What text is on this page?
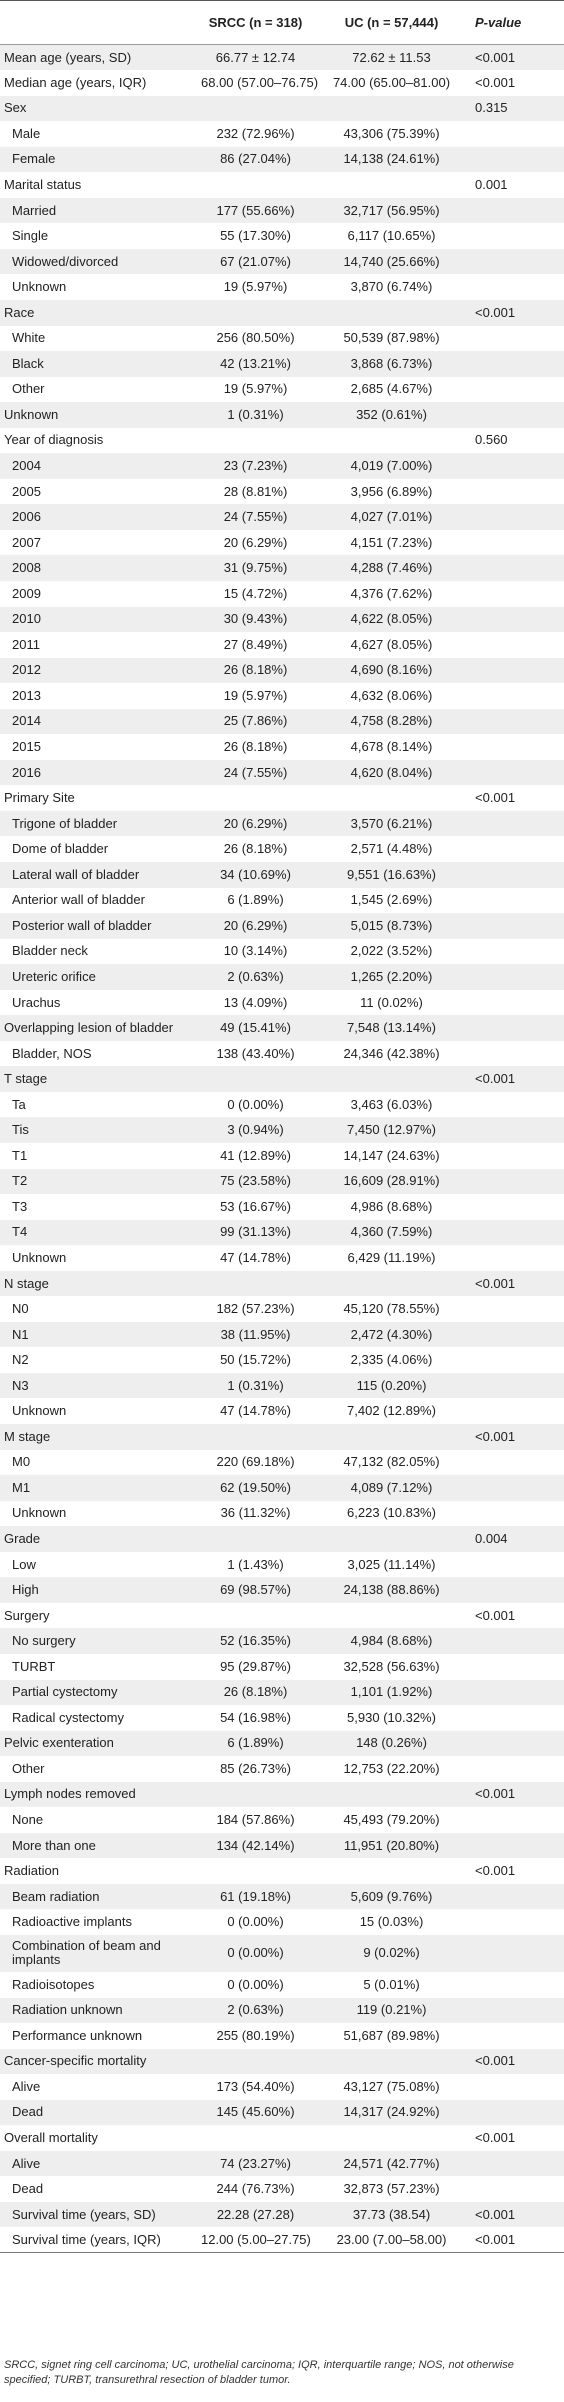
	SRCC (n = 318)	UC (n = 57,444)	P-value
Mean age (years, SD)	66.77 ± 12.74	72.62 ± 11.53	<0.001
Median age (years, IQR)	68.00 (57.00–76.75)	74.00 (65.00–81.00)	<0.001
Sex			0.315
Male	232 (72.96%)	43,306 (75.39%)	
Female	86 (27.04%)	14,138 (24.61%)	
Marital status			0.001
Married	177 (55.66%)	32,717 (56.95%)	
Single	55 (17.30%)	6,117 (10.65%)	
Widowed/divorced	67 (21.07%)	14,740 (25.66%)	
Unknown	19 (5.97%)	3,870 (6.74%)	
Race			<0.001
White	256 (80.50%)	50,539 (87.98%)	
Black	42 (13.21%)	3,868 (6.73%)	
Other	19 (5.97%)	2,685 (4.67%)	
Unknown	1 (0.31%)	352 (0.61%)	
Year of diagnosis			0.560
2004	23 (7.23%)	4,019 (7.00%)	
2005	28 (8.81%)	3,956 (6.89%)	
2006	24 (7.55%)	4,027 (7.01%)	
2007	20 (6.29%)	4,151 (7.23%)	
2008	31 (9.75%)	4,288 (7.46%)	
2009	15 (4.72%)	4,376 (7.62%)	
2010	30 (9.43%)	4,622 (8.05%)	
2011	27 (8.49%)	4,627 (8.05%)	
2012	26 (8.18%)	4,690 (8.16%)	
2013	19 (5.97%)	4,632 (8.06%)	
2014	25 (7.86%)	4,758 (8.28%)	
2015	26 (8.18%)	4,678 (8.14%)	
2016	24 (7.55%)	4,620 (8.04%)	
Primary Site			<0.001
Trigone of bladder	20 (6.29%)	3,570 (6.21%)	
Dome of bladder	26 (8.18%)	2,571 (4.48%)	
Lateral wall of bladder	34 (10.69%)	9,551 (16.63%)	
Anterior wall of bladder	6 (1.89%)	1,545 (2.69%)	
Posterior wall of bladder	20 (6.29%)	5,015 (8.73%)	
Bladder neck	10 (3.14%)	2,022 (3.52%)	
Ureteric orifice	2 (0.63%)	1,265 (2.20%)	
Urachus	13 (4.09%)	11 (0.02%)	
Overlapping lesion of bladder	49 (15.41%)	7,548 (13.14%)	
Bladder, NOS	138 (43.40%)	24,346 (42.38%)	
T stage			<0.001
Ta	0 (0.00%)	3,463 (6.03%)	
Tis	3 (0.94%)	7,450 (12.97%)	
T1	41 (12.89%)	14,147 (24.63%)	
T2	75 (23.58%)	16,609 (28.91%)	
T3	53 (16.67%)	4,986 (8.68%)	
T4	99 (31.13%)	4,360 (7.59%)	
Unknown	47 (14.78%)	6,429 (11.19%)	
N stage			<0.001
N0	182 (57.23%)	45,120 (78.55%)	
N1	38 (11.95%)	2,472 (4.30%)	
N2	50 (15.72%)	2,335 (4.06%)	
N3	1 (0.31%)	115 (0.20%)	
Unknown	47 (14.78%)	7,402 (12.89%)	
M stage			<0.001
M0	220 (69.18%)	47,132 (82.05%)	
M1	62 (19.50%)	4,089 (7.12%)	
Unknown	36 (11.32%)	6,223 (10.83%)	
Grade			0.004
Low	1 (1.43%)	3,025 (11.14%)	
High	69 (98.57%)	24,138 (88.86%)	
Surgery			<0.001
No surgery	52 (16.35%)	4,984 (8.68%)	
TURBT	95 (29.87%)	32,528 (56.63%)	
Partial cystectomy	26 (8.18%)	1,101 (1.92%)	
Radical cystectomy	54 (16.98%)	5,930 (10.32%)	
Pelvic exenteration	6 (1.89%)	148 (0.26%)	
Other	85 (26.73%)	12,753 (22.20%)	
Lymph nodes removed			<0.001
None	184 (57.86%)	45,493 (79.20%)	
More than one	134 (42.14%)	11,951 (20.80%)	
Radiation			<0.001
Beam radiation	61 (19.18%)	5,609 (9.76%)	
Radioactive implants	0 (0.00%)	15 (0.03%)	
Combination of beam and implants	0 (0.00%)	9 (0.02%)	
Radioisotopes	0 (0.00%)	5 (0.01%)	
Radiation unknown	2 (0.63%)	119 (0.21%)	
Performance unknown	255 (80.19%)	51,687 (89.98%)	
Cancer-specific mortality			<0.001
Alive	173 (54.40%)	43,127 (75.08%)	
Dead	145 (45.60%)	14,317 (24.92%)	
Overall mortality			<0.001
Alive	74 (23.27%)	24,571 (42.77%)	
Dead	244 (76.73%)	32,873 (57.23%)	
Survival time (years, SD)	22.28 (27.28)	37.73 (38.54)	<0.001
Survival time (years, IQR)	12.00 (5.00–27.75)	23.00 (7.00–58.00)	<0.001
SRCC, signet ring cell carcinoma; UC, urothelial carcinoma; IQR, interquartile range; NOS, not otherwise specified; TURBT, transurethral resection of bladder tumor.
